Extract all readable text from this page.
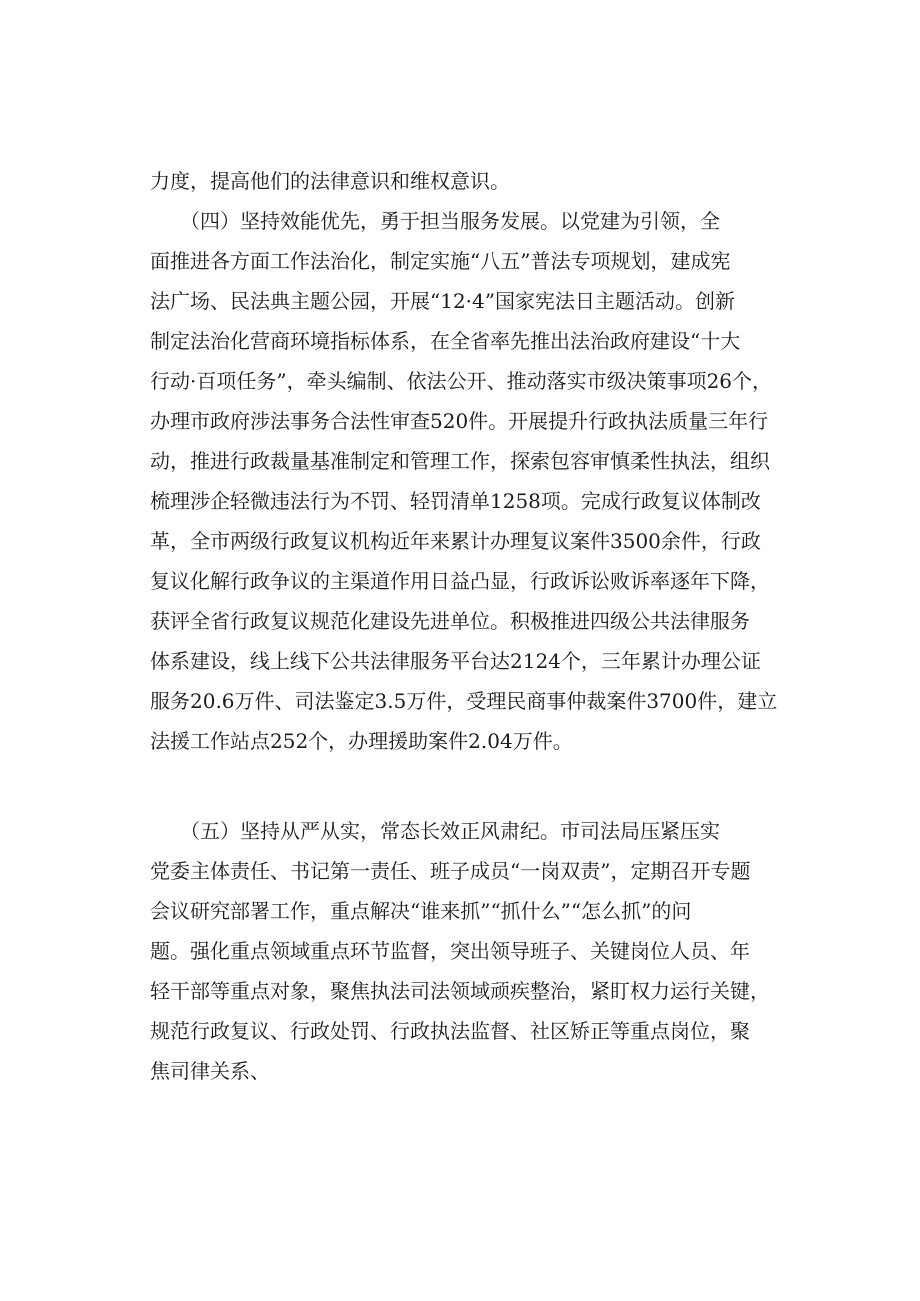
力度，提高他们的法律意识和维权意识。
　　（四）坚持效能优先，勇于担当服务发展。以党建为引领，全
面推进各方面工作法治化，制定实施“八五”普法专项规划，建成宪
法广场、民法典主题公园，开展“12·4”国家宪法日主题活动。创新
制定法治化营商环境指标体系，在全省率先推出法治政府建设“十大
行动·百项任务”，牵头编制、依法公开、推动落实市级决策事项26个，
办理市政府涉法事务合法性审查520件。开展提升行政执法质量三年行
动，推进行政裁量基准制定和管理工作，探索包容审慎柔性执法，组织
梳理涉企轻微违法行为不罚、轻罚清单1258项。完成行政复议体制改
革，全市两级行政复议机构近年来累计办理复议案件3500余件，行政
复议化解行政争议的主渠道作用日益凸显，行政诉讼败诉率逐年下降，
获评全省行政复议规范化建设先进单位。积极推进四级公共法律服务
体系建设，线上线下公共法律服务平台达2124个，三年累计办理公证
服务20.6万件、司法鉴定3.5万件，受理民商事仲裁案件3700件，建立
法援工作站点252个，办理援助案件2.04万件。
　　（五）坚持从严从实，常态长效正风肃纪。市司法局压紧压实
党委主体责任、书记第一责任、班子成员“一岗双责”，定期召开专题
会议研究部署工作，重点解决“谁来抓”“抓什么”“怎么抓”的问
题。强化重点领域重点环节监督，突出领导班子、关键岗位人员、年
轻干部等重点对象，聚焦执法司法领域顽疾整治，紧盯权力运行关键，
规范行政复议、行政处罚、行政执法监督、社区矫正等重点岗位，聚
焦司律关系、
